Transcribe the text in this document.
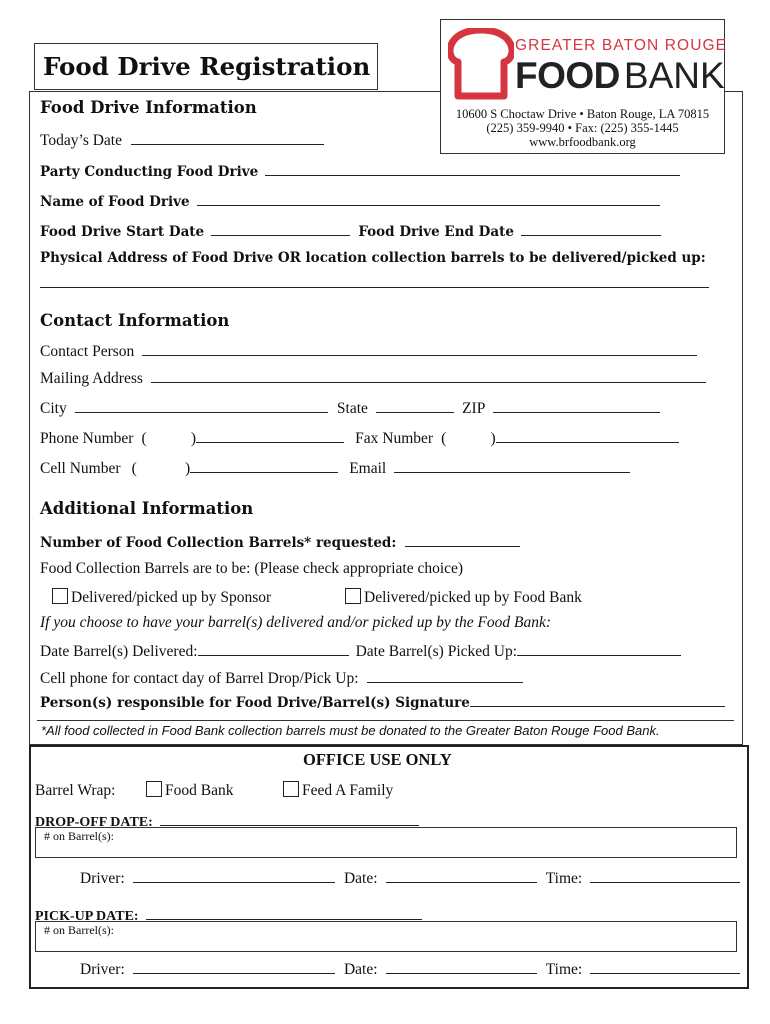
Food Drive Registration
GREATER BATON ROUGE
FOOD BANK
10600 S Choctaw Drive • Baton Rouge, LA 70815
(225) 359-9940 • Fax: (225) 355-1445
www.brfoodbank.org
Food Drive Information
Today’s Date
Party Conducting Food Drive
Name of Food Drive
Food Drive Start Date	Food Drive End Date
Physical Address of Food Drive OR location collection barrels to be delivered/picked up:
Contact Information
Contact Person
Mailing Address
City	State	ZIP
Phone Number (	)	Fax Number (	)
Cell Number (	)	Email
Additional Information
Number of Food Collection Barrels* requested:
Food Collection Barrels are to be: (Please check appropriate choice)
Delivered/picked up by Sponsor	Delivered/picked up by Food Bank
If you choose to have your barrel(s) delivered and/or picked up by the Food Bank:
Date Barrel(s) Delivered:	Date Barrel(s) Picked Up:
Cell phone for contact day of Barrel Drop/Pick Up:
Person(s) responsible for Food Drive/Barrel(s) Signature
*All food collected in Food Bank collection barrels must be donated to the Greater Baton Rouge Food Bank.
OFFICE USE ONLY
Barrel Wrap:	Food Bank	Feed A Family
DROP-OFF DATE:
# on Barrel(s):
Driver:	Date:	Time:
PICK-UP DATE:
# on Barrel(s):
Driver:	Date:	Time:
